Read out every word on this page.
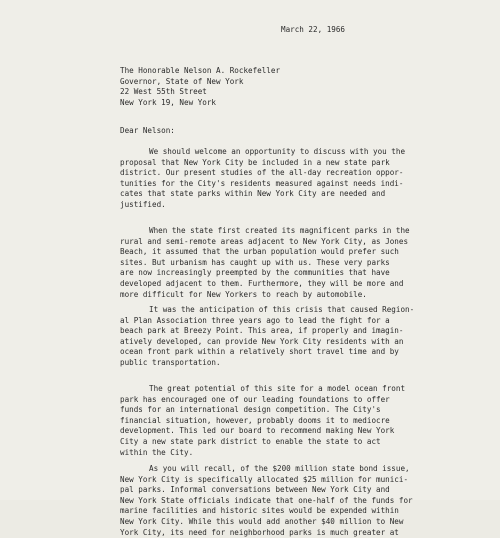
March 22, 1966
The Honorable Nelson A. Rockefeller
Governor, State of New York
22 West 55th Street
New York 19, New York
Dear Nelson:
We should welcome an opportunity to discuss with you the
proposal that New York City be included in a new state park
district. Our present studies of the all-day recreation oppor-
tunities for the City's residents measured against needs indi-
cates that state parks within New York City are needed and
justified.
When the state first created its magnificent parks in the
rural and semi-remote areas adjacent to New York City, as Jones
Beach, it assumed that the urban population would prefer such
sites. But urbanism has caught up with us. These very parks
are now increasingly preempted by the communities that have
developed adjacent to them. Furthermore, they will be more and
more difficult for New Yorkers to reach by automobile.
It was the anticipation of this crisis that caused Region-
al Plan Association three years ago to lead the fight for a
beach park at Breezy Point. This area, if properly and imagin-
atively developed, can provide New York City residents with an
ocean front park within a relatively short travel time and by
public transportation.
The great potential of this site for a model ocean front
park has encouraged one of our leading foundations to offer
funds for an international design competition. The City's
financial situation, however, probably dooms it to mediocre
development. This led our board to recommend making New York
City a new state park district to enable the state to act
within the City.
As you will recall, of the $200 million state bond issue,
New York City is specifically allocated $25 million for munici-
pal parks. Informal conversations between New York City and
New York State officials indicate that one-half of the funds for
marine facilities and historic sites would be expended within
New York City. While this would add another $40 million to New
York City, its need for neighborhood parks is much greater at
